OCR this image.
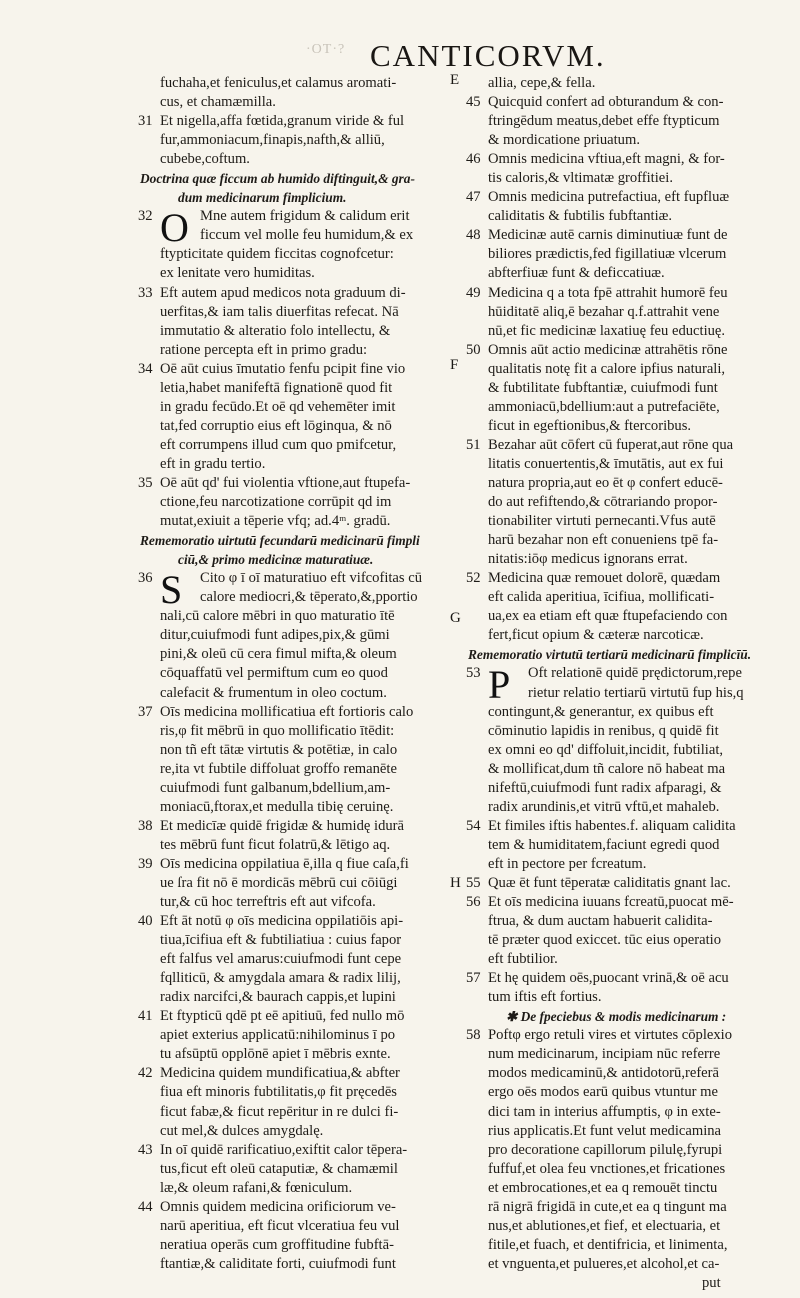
·OT·? CANTICORVM.
fuchaha,et feniculus,et calamus aromati-
cus, et chamæmilla.
31 Et nigella,affa fœtida,granum viride & ful
fur,ammoniacum,finapis,nafth,& alliū,
cubebe,coftum.
Doctrina quæ ficcum ab humido diftinguit,& gra-
dum medicinarum fimplicium.
32 O Mne autem frigidum & calidum erit
ficcum vel molle feu humidum,& ex
ftypticitate quidem ficcitas cognofcetur:
ex lenitate vero humiditas.
33 Eft autem apud medicos nota graduum di-
uerfitas,& iam talis diuerfitas refecat. Nā
immutatio & alteratio folo intellectu, &
ratione percepta eft in primo gradu:
34 Oē aūt cuius īmutatio fenfu pcipit fine vio
letia,habet manifeftā fignationē quod fit
in gradu fecūdo.Et oē qd vehemēter imit
tat,fed corruptio eius eft lōginqua, & nō
eft corrumpens illud cum quo pmifcetur,
eft in gradu tertio.
35 Oē aūt qd' fui violentia vftione,aut ftupefa-
ctione,feu narcotizatione corrūpit qd im
mutat,exiuit a tēperie vfq; ad.4ᵐ. gradū.
Rememoratio uirtutū fecundarū medicinarū fimpli
ciū,& primo medicinæ maturatiuæ.
36 S	Cito φ ī oī maturatiuo eft vifcofitas cū
calore mediocri,& tēperato,&,pportio
nali,cū calore mēbri in quo maturatio ītē
ditur,cuiufmodi funt adipes,pix,& gūmi
pini,& oleū cū cera fimul mifta,& oleum
cōquaffatū vel permiftum cum eo quod
calefacit & frumentum in oleo coctum.
37 Oīs medicina mollificatiua eft fortioris calo
ris,φ fit mēbrū in quo mollificatio ītēdit:
non tñ eft tātæ virtutis & potētiæ, in calo
re,ita vt fubtile diffoluat groffo remanēte
cuiufmodi funt galbanum,bdellium,am-
moniacū,ftorax,et medulla tibię ceruinę.
38 Et medicīæ quidē frigidæ & humidę idurā
tes mēbrū funt ficut folatrū,& lētigo aq.
39 Oīs medicina oppilatiua ē,illa q fiue caſa,fi
ue ſra fit nō ē mordicās mēbrū cui cōiūgi
tur,& cū hoc terreftris eft aut vifcofa.
40 Eft āt notū φ oīs medicina oppilatiōis api-
tiua,īcifiua eft & fubtiliatiua : cuius fapor
eft falfus vel amarus:cuiufmodi funt cepe
fqlliticū, & amygdala amara & radix lilij,
radix narcifci,& baurach cappis,et lupini
41 Et ftypticū qdē pt eē apitiuū, fed nullo mō
apiet exterius applicatū:nihilominus ī po
tu afsūptū opplōnē apiet ī mēbris exnte.
42 Medicina quidem mundificatiua,& abfter
fiua eft minoris fubtilitatis,φ fit pręcedēs
ficut fabæ,& ficut repēritur in re dulci fi-
cut mel,& dulces amygdalę.
43 In oī quidē rarificatiuo,exiftit calor tēpera-
tus,ficut eft oleū cataputiæ, & chamæmil
læ,& oleum rafani,& fœniculum.
44 Omnis quidem medicina orificiorum ve-
narū aperitiua, eft ficut vlceratiua feu vul
neratiua operās cum groffitudine fubftā-
ftantiæ,& caliditate forti, cuiufmodi funt
allia, cepe,& fella.
45 Quicquid confert ad obturandum & con-
ftringēdum meatus,debet effe ftypticum
& mordicatione priuatum.
46 Omnis medicina vftiua,eft magni, & for-
tis caloris,& vltimatæ groffitiei.
47 Omnis medicina putrefactiua, eft fupfluæ
caliditatis & fubtilis fubftantiæ.
48 Medicinæ autē carnis diminutiuæ funt de
biliores prædictis,fed figillatiuæ vlcerum
abfterfiuæ funt & deficcatiuæ.
49 Medicina q a tota fpē attrahit humorē feu
hūiditatē aliq,ē bezahar q.f.attrahit vene
nū,et fic medicinæ laxatiuę feu eductiuę.
50 Omnis aūt actio medicinæ attrahētis rōne
qualitatis notę fit a calore ipfius naturali,
& fubtilitate fubftantiæ, cuiufmodi funt
ammoniacū,bdellium:aut a putrefaciēte,
ficut in egeftionibus,& ftercoribus.
51 Bezahar aūt cōfert cū fuperat,aut rōne qua
litatis conuertentis,& īmutātis, aut ex fui
natura propria,aut eo ēt φ confert educē-
do aut refiftendo,& cōtrariando propor-
tionabiliter virtuti pernecanti.Vfus autē
harū bezahar non eft conueniens tpē fa-
nitatis:iōφ medicus ignorans errat.
52 Medicina quæ remouet dolorē, quædam
eft calida aperitiua, īcifiua, mollificati-
ua,ex ea etiam eft quæ ftupefaciendo con
fert,ficut opium & cæteræ narcoticæ.
Rememoratio virtutū tertiarū medicinarū fimplicīū.
53 P	Oft relationē quidē prędictorum,repe
rietur relatio tertiarū virtutū fup his,q
contingunt,& generantur, ex quibus eft
cōminutio lapidis in renibus, q quidē fit
ex omni eo qd' diffoluit,incidit, fubtiliat,
& mollificat,dum tñ calore nō habeat ma
nifeftū,cuiufmodi funt radix afparagi, &
radix arundinis,et vitrū vftū,et mahaleb.
54 Et fimiles iftis habentes.f. aliquam calidita
tem & humiditatem,faciunt egredi quod
eft in pectore per fcreatum.
55 Quæ ēt funt tēperatæ caliditatis gnant lac.
56 Et oīs medicina iuuans fcreatū,puocat mē-
ftrua, & dum auctam habuerit calidita-
tē præter quod exiccet. tūc eius operatio
eft fubtilior.
57 Et hę quidem oēs,puocant vrinā,& oē acu
tum iftis eft fortius.
✱ De fpeciebus & modis medicinarum :
58 Poftφ ergo retuli vires et virtutes cōplexio
num medicinarum, incipiam nūc referre
modos medicaminū,& antidotorū,referā
ergo oēs modos earū quibus vtuntur me
dici tam in interius affumptis, φ in exte-
rius applicatis.Et funt velut medicamina
pro decoratione capillorum pilulę,fyrupi
fuffuf,et olea feu vnctiones,et fricationes
et embrocationes,et ea q remouēt tinctu
rā nigrā frigidā in cute,et ea q tingunt ma
nus,et ablutiones,et fief, et electuaria, et
fitile,et fuach, et dentifricia, et linimenta,
et vnguenta,et pulueres,et alcohol,et ca-
put
E
F
G
H
